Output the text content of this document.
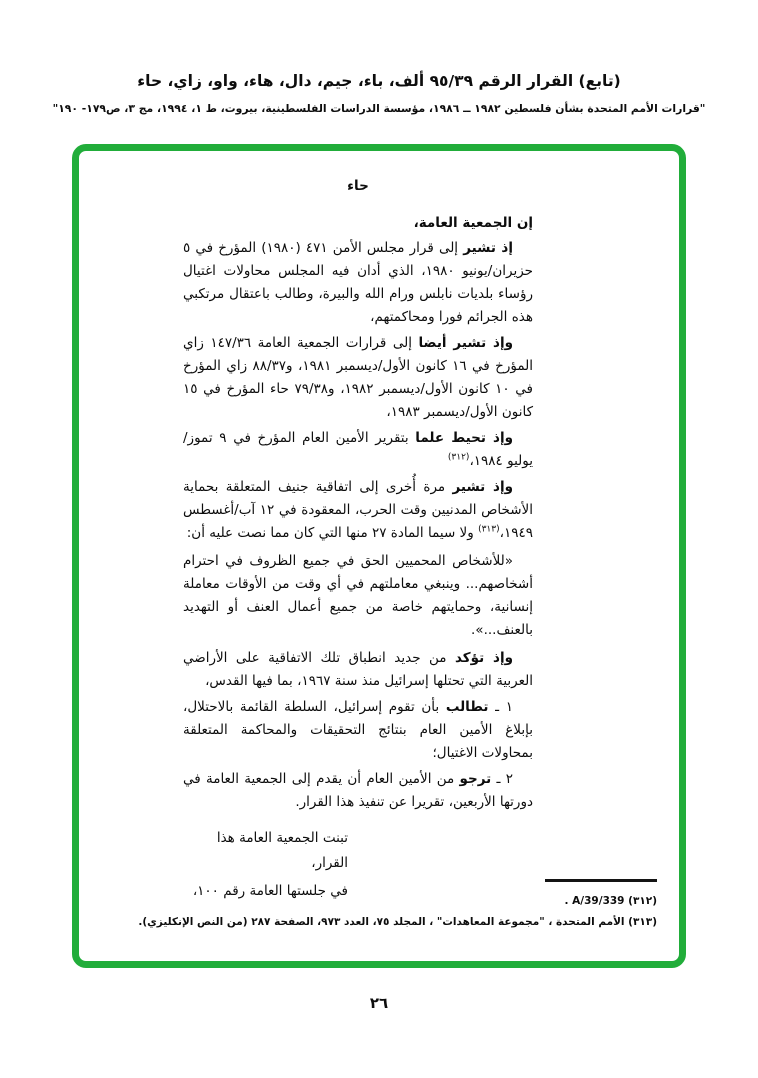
(تابع) القرار الرقم ٩٥/٣٩ ألف، باء، جيم، دال، هاء، واو، زاي، حاء
"قرارات الأمم المتحدة بشأن فلسطين ١٩٨٢ ــ ١٩٨٦، مؤسسة الدراسات الفلسطينية، بيروت، ط ١، ١٩٩٤، مج ٣، ص١٧٩- ١٩٠"

حاء

إن الجمعية العامة،

إذ تشير إلى قرار مجلس الأمن ٤٧١ (١٩٨٠) المؤرخ في ٥ حزيران/يونيو ١٩٨٠، الذي أدان فيه المجلس محاولات اغتيال رؤساء بلديات نابلس ورام الله والبيرة، وطالب باعتقال مرتكبي هذه الجرائم فورا ومحاكمتهم،

وإذ تشير أيضا إلى قرارات الجمعية العامة ١٤٧/٣٦ زاي المؤرخ في ١٦ كانون الأول/ديسمبر ١٩٨١، و٨٨/٣٧ زاي المؤرخ في ١٠ كانون الأول/ديسمبر ١٩٨٢، و٧٩/٣٨ حاء المؤرخ في ١٥ كانون الأول/ديسمبر ١٩٨٣،

وإذ تحيط علما بتقرير الأمين العام المؤرخ في ٩ تموز/يوليو ١٩٨٤،$^{(٣١٢)}$

وإذ تشير مرة أُخرى إلى اتفاقية جنيف المتعلقة بحماية الأشخاص المدنيين وقت الحرب، المعقودة في ١٢ آب/أغسطس ١٩٤٩،$^{(٣١٣)}$ ولا سيما المادة ٢٧ منها التي كان مما نصت عليه أن:

«للأشخاص المحميين الحق في جميع الظروف في احترام أشخاصهم... وينبغي معاملتهم في أي وقت من الأوقات معاملة إنسانية، وحمايتهم خاصة من جميع أعمال العنف أو التهديد بالعنف...».

وإذ تؤكد من جديد انطباق تلك الاتفاقية على الأراضي العربية التي تحتلها إسرائيل منذ سنة ١٩٦٧، بما فيها القدس،

١ ـ تطالب بأن تقوم إسرائيل، السلطة القائمة بالاحتلال، بإبلاغ الأمين العام بنتائج التحقيقات والمحاكمة المتعلقة بمحاولات الاغتيال؛

٢ ـ ترجو من الأمين العام أن يقدم إلى الجمعية العامة في دورتها الأربعين، تقريرا عن تنفيذ هذا القرار.

تبنت الجمعية العامة هذا القرار،

في جلستها العامة رقم ١٠٠،

(٣١٢) A/39/339 .
(٣١٣) الأمم المتحدة ، "مجموعة المعاهدات" ، المجلد ٧٥، العدد ٩٧٣، الصفحة ٢٨٧ (من النص الإنكليزي).
٢٦
